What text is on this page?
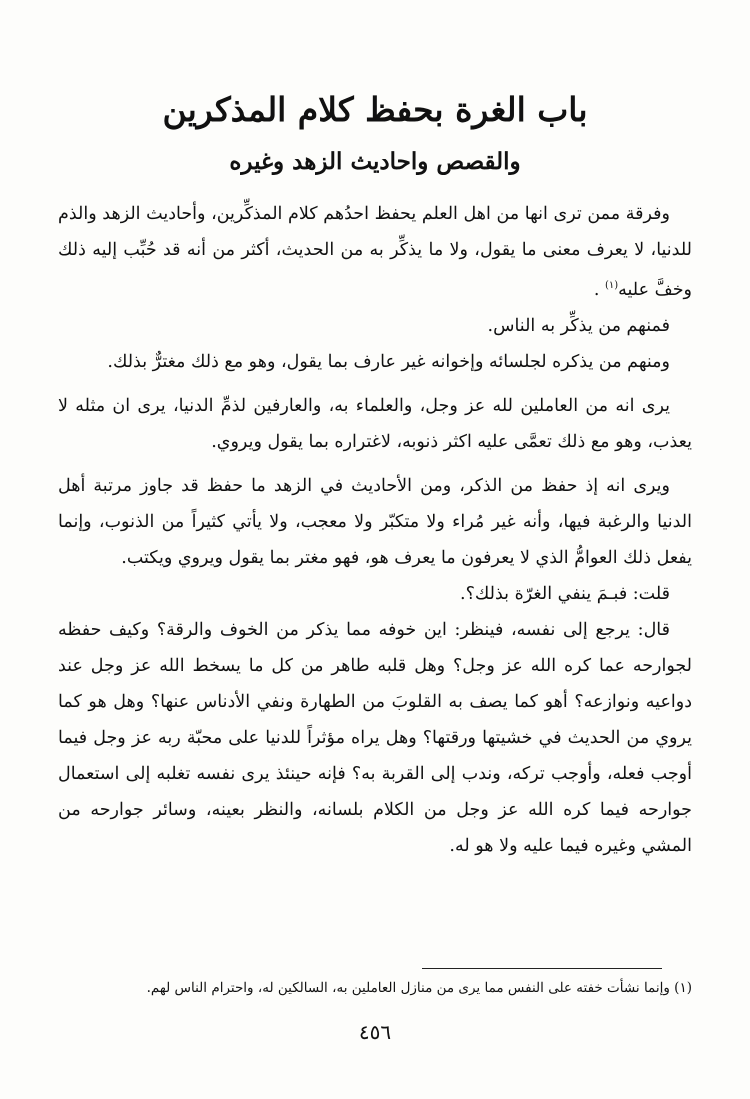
باب الغرة بحفظ كلام المذكرين
والقصص واحاديث الزهد وغيره

وفرقة ممن ترى انها من اهل العلم يحفظ احدُهم كلام المذكِّرين، وأحاديث الزهد والذم للدنيا، لا يعرف معنى ما يقول، ولا ما يذكِّر به من الحديث، أكثر من أنه قد حُبِّب إليه ذلك وخفَّ عليه$^{(١)}$ .

فمنهم من يذكِّر به الناس.

ومنهم من يذكره لجلسائه وإخوانه غير عارف بما يقول، وهو مع ذلك مغترٌّ بذلك.

يرى انه من العاملين لله عز وجل، والعلماء به، والعارفين لذمِّ الدنيا، يرى ان مثله لا يعذب، وهو مع ذلك تعمَّى عليه اكثر ذنوبه، لاغتراره بما يقول ويروي.

ويرى انه إذ حفظ من الذكر، ومن الأحاديث في الزهد ما حفظ قد جاوز مرتبة أهل الدنيا والرغبة فيها، وأنه غير مُراء ولا متكبّر ولا معجب، ولا يأتي كثيراً من الذنوب، وإنما يفعل ذلك العوامُّ الذي لا يعرفون ما يعرف هو، فهو مغتر بما يقول ويروي ويكتب.

قلت: فبـمَ ينفي الغرّة بذلك؟.

قال: يرجع إلى نفسه، فينظر: اين خوفه مما يذكر من الخوف والرقة؟ وكيف حفظه لجوارحه عما كره الله عز وجل؟ وهل قلبه طاهر من كل ما يسخط الله عز وجل عند دواعيه ونوازعه؟ أهو كما يصف به القلوبَ من الطهارة ونفي الأدناس عنها؟ وهل هو كما يروي من الحديث في خشيتها ورقتها؟ وهل يراه مؤثراً للدنيا على محبّة ربه عز وجل فيما أوجب فعله، وأوجب تركه، وندب إلى القربة به؟ فإنه حينئذ يرى نفسه تغلبه إلى استعمال جوارحه فيما كره الله عز وجل من الكلام بلسانه، والنظر بعينه، وسائر جوارحه من المشي وغيره فيما عليه ولا هو له.

(١) وإنما نشأت خفته على النفس مما يرى من منازل العاملين به، السالكين له، واحترام الناس لهم.
٤٥٦
